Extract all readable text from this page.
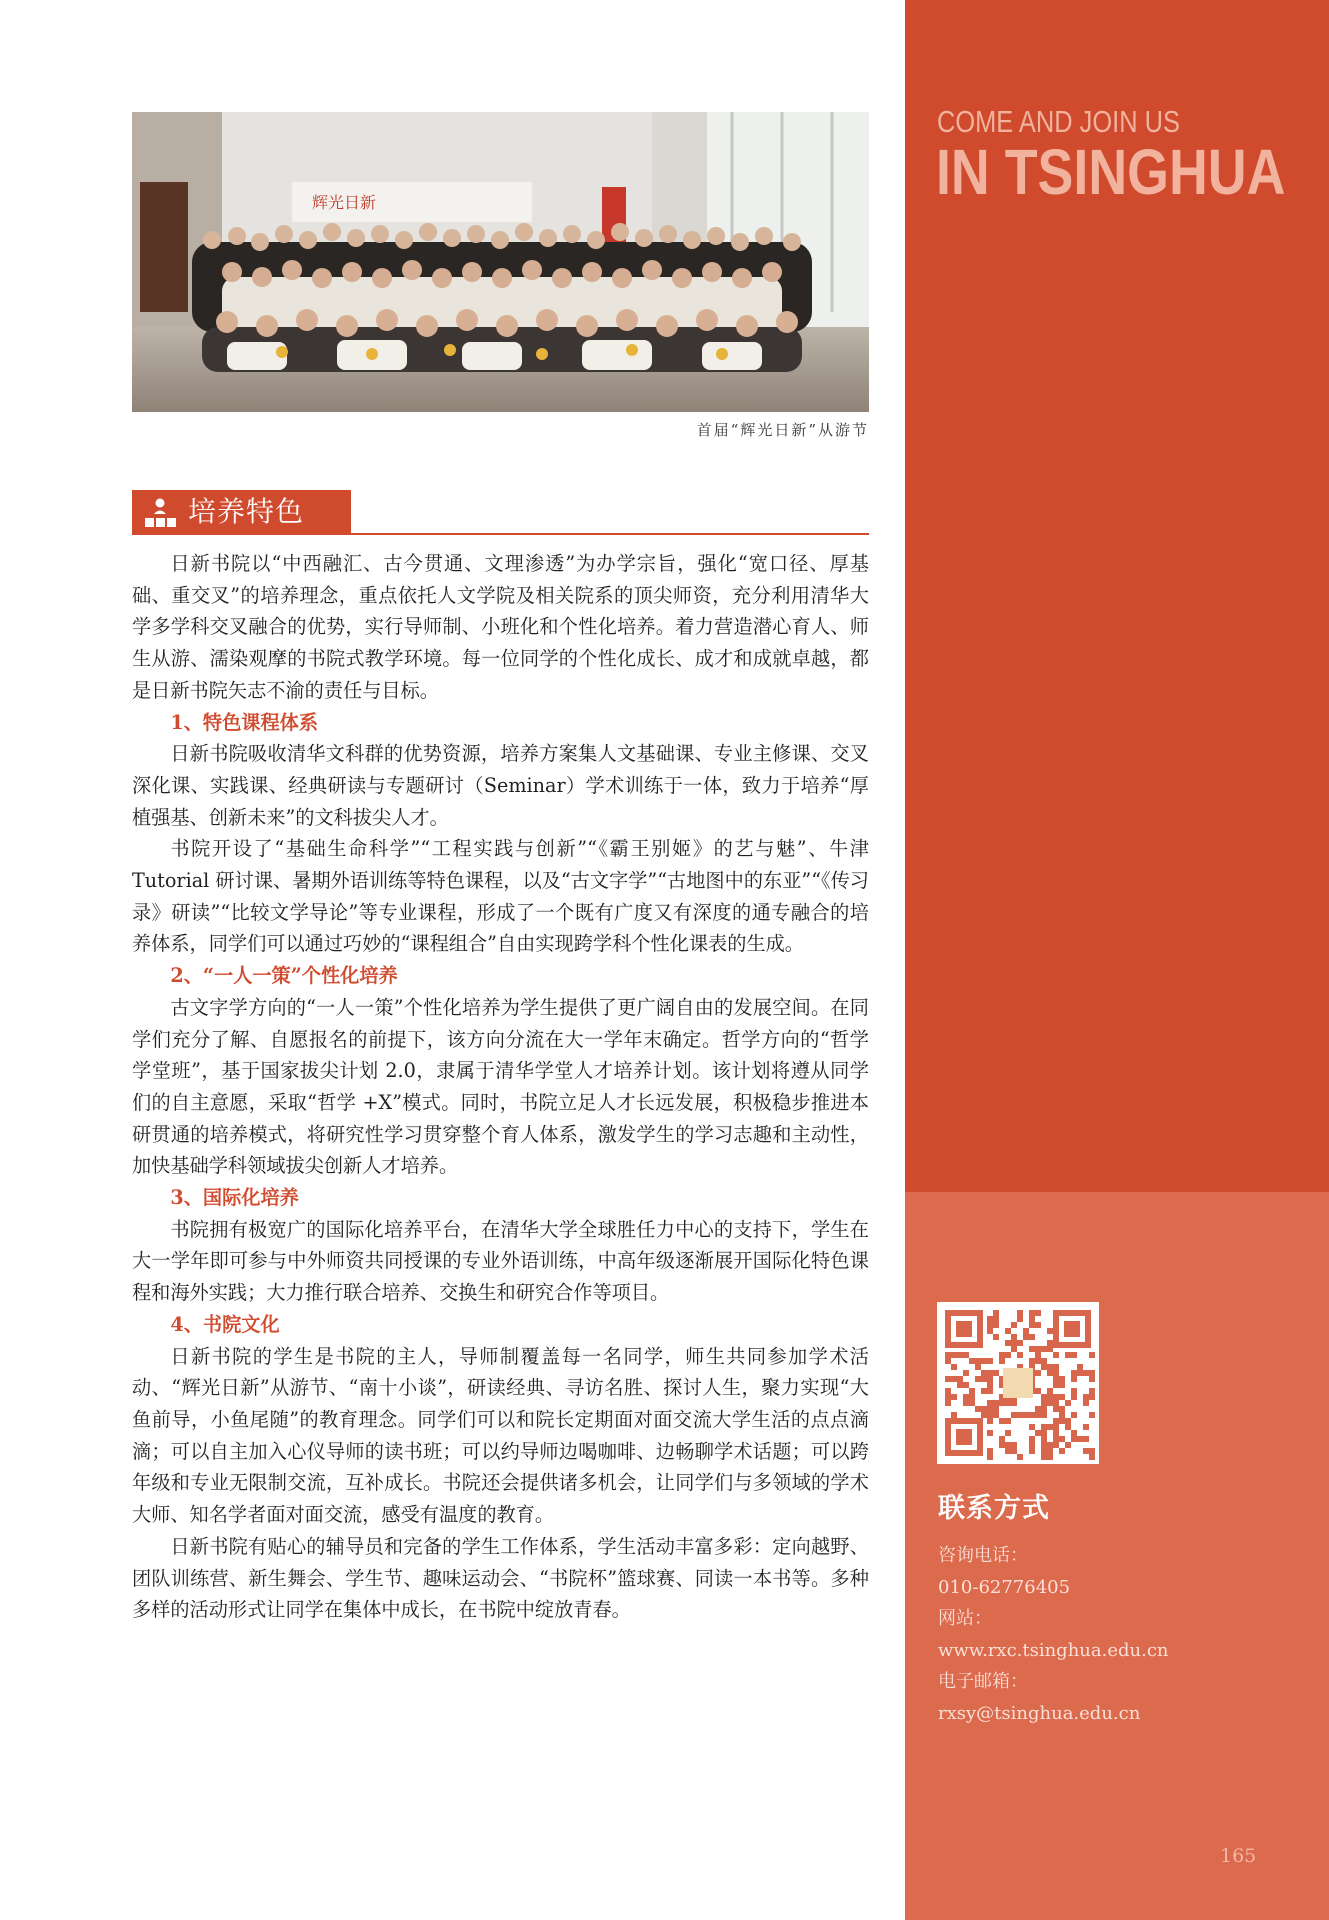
COME AND JOIN US
IN TSINGHUA
辉光日新
首届“辉光日新”从游节
培养特色

日新书院以“中西融汇、古今贯通、文理渗透”为办学宗旨，强化“宽口径、厚基础、重交叉”的培养理念，重点依托人文学院及相关院系的顶尖师资，充分利用清华大学多学科交叉融合的优势，实行导师制、小班化和个性化培养。着力营造潜心育人、师生从游、濡染观摩的书院式教学环境。每一位同学的个性化成长、成才和成就卓越，都是日新书院矢志不渝的责任与目标。

1、特色课程体系

日新书院吸收清华文科群的优势资源，培养方案集人文基础课、专业主修课、交叉深化课、实践课、经典研读与专题研讨（Seminar）学术训练于一体，致力于培养“厚植强基、创新未来”的文科拔尖人才。

书院开设了“基础生命科学”“工程实践与创新”“《霸王别姬》的艺与魅”、牛津 Tutorial 研讨课、暑期外语训练等特色课程，以及“古文字学”“古地图中的东亚”“《传习录》研读”“比较文学导论”等专业课程，形成了一个既有广度又有深度的通专融合的培养体系，同学们可以通过巧妙的“课程组合”自由实现跨学科个性化课表的生成。

2、“一人一策”个性化培养

古文字学方向的“一人一策”个性化培养为学生提供了更广阔自由的发展空间。在同学们充分了解、自愿报名的前提下，该方向分流在大一学年末确定。哲学方向的“哲学学堂班”，基于国家拔尖计划 2.0，隶属于清华学堂人才培养计划。该计划将遵从同学们的自主意愿，采取“哲学 +X”模式。同时，书院立足人才长远发展，积极稳步推进本研贯通的培养模式，将研究性学习贯穿整个育人体系，激发学生的学习志趣和主动性，加快基础学科领域拔尖创新人才培养。

3、国际化培养

书院拥有极宽广的国际化培养平台，在清华大学全球胜任力中心的支持下，学生在大一学年即可参与中外师资共同授课的专业外语训练，中高年级逐渐展开国际化特色课程和海外实践；大力推行联合培养、交换生和研究合作等项目。

4、书院文化

日新书院的学生是书院的主人，导师制覆盖每一名同学，师生共同参加学术活动、“辉光日新”从游节、“南十小谈”，研读经典、寻访名胜、探讨人生，聚力实现“大鱼前导，小鱼尾随”的教育理念。同学们可以和院长定期面对面交流大学生活的点点滴滴；可以自主加入心仪导师的读书班；可以约导师边喝咖啡、边畅聊学术话题；可以跨年级和专业无限制交流，互补成长。书院还会提供诸多机会，让同学们与多领域的学术大师、知名学者面对面交流，感受有温度的教育。

日新书院有贴心的辅导员和完备的学生工作体系，学生活动丰富多彩：定向越野、团队训练营、新生舞会、学生节、趣味运动会、“书院杯”篮球赛、同读一本书等。多种多样的活动形式让同学在集体中成长，在书院中绽放青春。

联系方式
咨询电话：
010-62776405
网站：
www.rxc.tsinghua.edu.cn
电子邮箱：
rxsy@tsinghua.edu.cn
165
